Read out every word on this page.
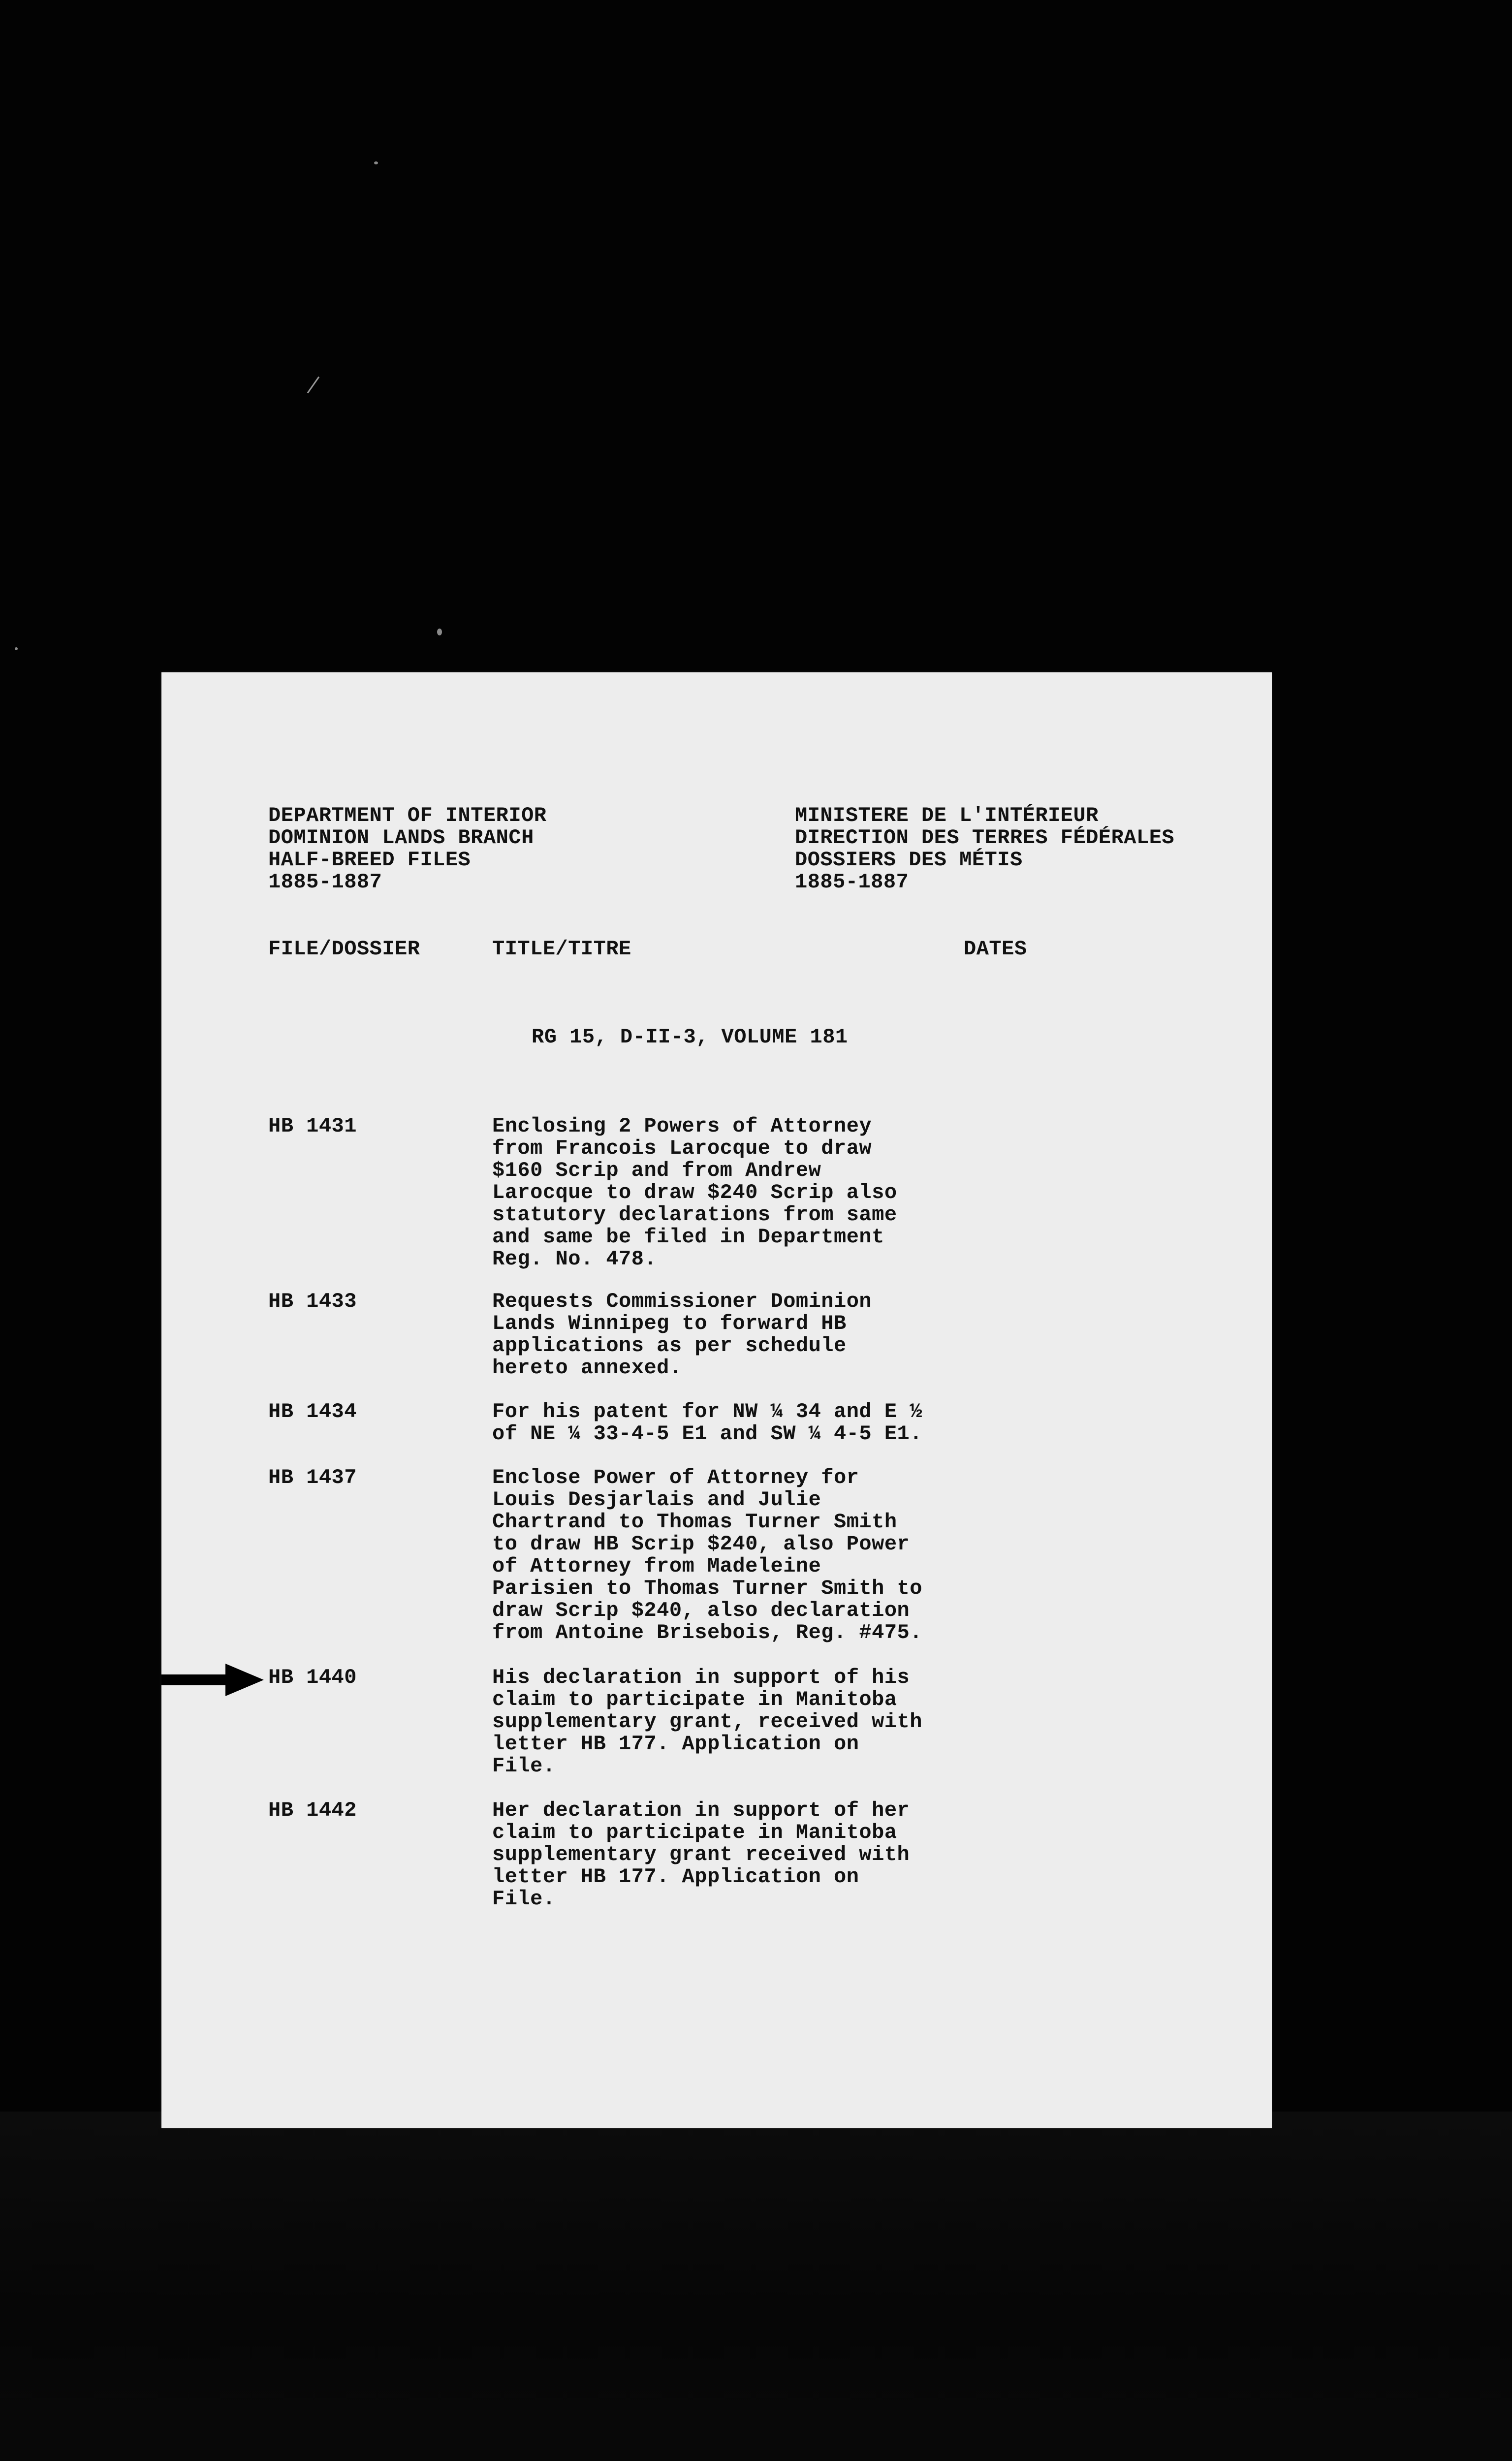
DEPARTMENT OF INTERIOR

DOMINION LANDS BRANCH

HALF-BREED FILES

1885-1887

MINISTERE DE L'INTÉRIEUR

DIRECTION DES TERRES FÉDÉRALES

DOSSIERS DES MÉTIS

1885-1887

FILE/DOSSIER	TITLE/TITRE	DATES

RG 15, D-II-3, VOLUME 181

HB 1431	Enclosing 2 Powers of Attorney
from Francois Larocque to draw
$160 Scrip and from Andrew
Larocque to draw $240 Scrip also
statutory declarations from same
and same be filed in Department
Reg. No. 478.

HB 1433	Requests Commissioner Dominion
Lands Winnipeg to forward HB
applications as per schedule
hereto annexed.

HB 1434	For his patent for NW ¼ 34 and E ½
of NE ¼ 33-4-5 E1 and SW ¼ 4-5 E1.

HB 1437	Enclose Power of Attorney for
Louis Desjarlais and Julie
Chartrand to Thomas Turner Smith
to draw HB Scrip $240, also Power
of Attorney from Madeleine
Parisien to Thomas Turner Smith to
draw Scrip $240, also declaration
from Antoine Brisebois, Reg. #475.

HB 1440	His declaration in support of his
claim to participate in Manitoba
supplementary grant, received with
letter HB 177. Application on
File.

HB 1442	Her declaration in support of her
claim to participate in Manitoba
supplementary grant received with
letter HB 177. Application on
File.
